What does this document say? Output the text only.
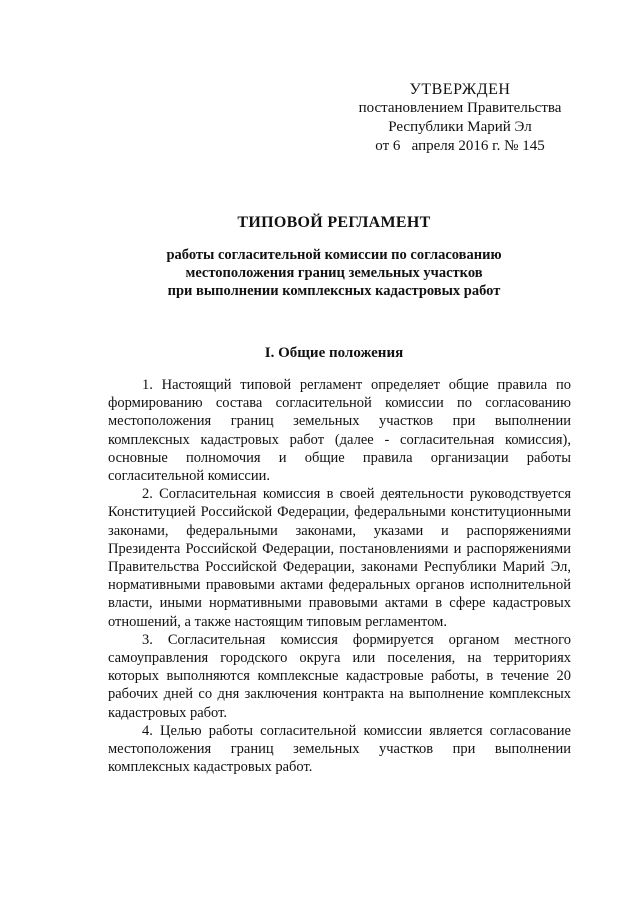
УТВЕРЖДЕН
постановлением Правительства
Республики Марий Эл
от 6 апреля 2016 г. № 145
ТИПОВОЙ РЕГЛАМЕНТ
работы согласительной комиссии по согласованию
местоположения границ земельных участков
при выполнении комплексных кадастровых работ
I. Общие положения

1. Настоящий типовой регламент определяет общие правила по формированию состава согласительной комиссии по согласованию местоположения границ земельных участков при выполнении комплексных кадастровых работ (далее - согласительная комиссия), основные полномочия и общие правила организации работы согласительной комиссии.

2. Согласительная комиссия в своей деятельности руководствуется Конституцией Российской Федерации, федеральными конституционными законами, федеральными законами, указами и распоряжениями Президента Российской Федерации, постановлениями и распоряжениями Правительства Российской Федерации, законами Республики Марий Эл, нормативными правовыми актами федеральных органов исполнительной власти, иными нормативными правовыми актами в сфере кадастровых отношений, а также настоящим типовым регламентом.

3. Согласительная комиссия формируется органом местного самоуправления городского округа или поселения, на территориях которых выполняются комплексные кадастровые работы, в течение 20 рабочих дней со дня заключения контракта на выполнение комплексных кадастровых работ.

4. Целью работы согласительной комиссии является согласование местоположения границ земельных участков при выполнении комплексных кадастровых работ.
